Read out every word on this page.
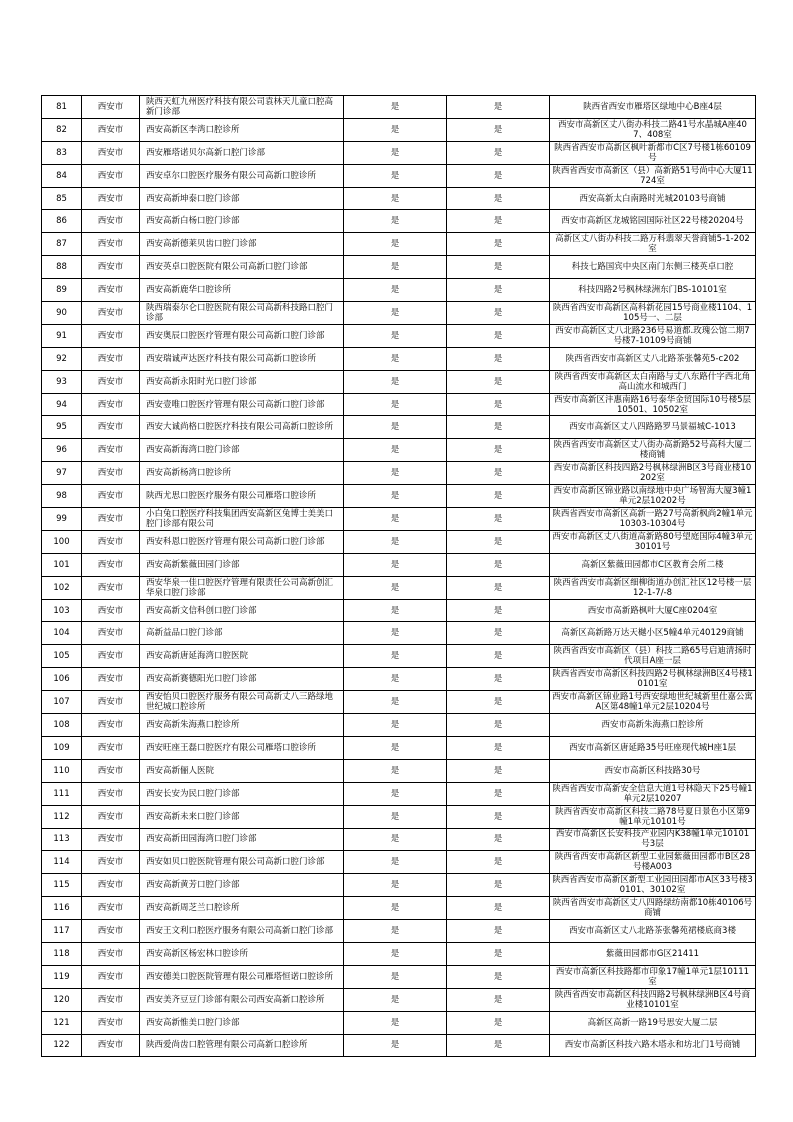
81	西安市	陕西天虹九州医疗科技有限公司袁林天儿童口腔高新门诊部	是	是	陕西省西安市雁塔区绿地中心B座4层
82	西安市	西安高新区李湾口腔诊所	是	是	西安市高新区丈八街办科技二路41号水晶城A座407、408室
83	西安市	西安雁塔诺贝尔高新口腔门诊部	是	是	陕西省西安市高新区枫叶新都市C区7号楼1栋60109号
84	西安市	西安卓尔口腔医疗服务有限公司高新口腔诊所	是	是	陕西省西安市高新区（县）高新路51号尚中心大厦11724室
85	西安市	西安高新坤泰口腔门诊部	是	是	西安高新太白南路时光城20103号商铺
86	西安市	西安高新白杨口腔门诊部	是	是	西安市高新区龙城铭园国际社区22号楼20204号
87	西安市	西安高新德莱贝齿口腔门诊部	是	是	高新区丈八街办科技二路万科翡翠天誉商铺5-1-202室
88	西安市	西安英卓口腔医院有限公司高新口腔门诊部	是	是	科技七路国宾中央区南门东侧三楼英卓口腔
89	西安市	西安高新鹿华口腔诊所	是	是	科技四路2号枫林绿洲东门BS-10101室
90	西安市	陕西瑞泰尔仑口腔医院有限公司高新科技路口腔门诊部	是	是	陕西省西安市高新区高科新花园15号商业楼1104、1105号一、二层
91	西安市	西安奥辰口腔医疗管理有限公司高新口腔门诊部	是	是	西安市高新区丈八北路236号易道都.玫瑰公馆二期7号楼7-10109号商铺
92	西安市	西安瑞诚声达医疗科技有限公司高新口腔诊所	是	是	陕西省西安市高新区丈八北路茶张馨苑5-c202
93	西安市	西安高新永阳时光口腔门诊部	是	是	陕西省西安市高新区太白南路与丈八东路什字西北角高山流水和城西门
94	西安市	西安壹唯口腔医疗管理有限公司高新口腔门诊部	是	是	西安市高新区沣惠南路16号泰华金贸国际10号楼5层10501、10502室
95	西安市	西安大诚尚格口腔医疗科技有限公司高新口腔诊所	是	是	西安市高新区丈八四路路罗马景福城C-1013
96	西安市	西安高新海湾口腔门诊部	是	是	陕西省西安市高新区丈八街办高新路52号高科大厦二楼商铺
97	西安市	西安高新杨湾口腔诊所	是	是	西安市高新区科技四路2号枫林绿洲B区3号商业楼10202室
98	西安市	陕西尤思口腔医疗服务有限公司雁塔口腔诊所	是	是	西安市高新区锦业路以南绿地中央广场智海大厦3幢1单元2层10202号
99	西安市	小白兔口腔医疗科技集团西安高新区兔博士美美口腔门诊部有限公司	是	是	陕西省西安市高新区高新一路27号高新枫尚2幢1单元10303-10304号
100	西安市	西安科恩口腔医疗管理有限公司高新口腔门诊部	是	是	西安市高新区丈八街道高新路80号望庭国际4幢3单元30101号
101	西安市	西安高新紫薇田园门诊部	是	是	高新区紫薇田园都市C区教育会所二楼
102	西安市	西安华泉一佳口腔医疗管理有限责任公司高新创汇华泉口腔门诊部	是	是	陕西省西安市高新区细柳街道办创汇社区12号楼一层12-1-7/-8
103	西安市	西安高新文信科创口腔门诊部	是	是	西安市高新路枫叶大厦C座0204室
104	西安市	高新益品口腔门诊部	是	是	高新区高新路万达天樾小区5幢4单元40129商铺
105	西安市	西安高新唐延海湾口腔医院	是	是	陕西省西安市高新区（县）科技二路65号启迪清扬时代项目A座一层
106	西安市	西安高新赛德阳光口腔门诊部	是	是	陕西省西安市高新区科技四路2号枫林绿洲B区4号楼10101室
107	西安市	西安怡贝口腔医疗服务有限公司高新丈八三路绿地世纪城口腔诊所	是	是	西安市高新区锦业路1号西安绿地世纪城新里仕嘉公寓A区第48幢1单元2层10204号
108	西安市	西安高新朱海燕口腔诊所	是	是	西安市高新朱海燕口腔诊所
109	西安市	西安旺座王磊口腔医疗有限公司雁塔口腔诊所	是	是	西安市高新区唐延路35号旺座现代城H座1层
110	西安市	西安高新俪人医院	是	是	西安市高新区科技路30号
111	西安市	西安长安为民口腔门诊部	是	是	陕西省西安市高新安全信息大道1号林隐天下25号幢1单元2层10207
112	西安市	西安高新未来口腔门诊部	是	是	陕西省西安市高新区科技二路78号夏日景色小区第9幢1单元10101号
113	西安市	西安高新田园海湾口腔门诊部	是	是	西安市高新区长安科技产业园内K38幢1单元10101号3层
114	西安市	西安如贝口腔医院管理有限公司高新口腔门诊部	是	是	陕西省西安市高新区新型工业园紫薇田园都市B区28号楼A003
115	西安市	西安高新黄芳口腔门诊部	是	是	陕西省西安市高新区新型工业园田园都市A区33号楼30101、30102室
116	西安市	西安高新周芝兰口腔诊所	是	是	陕西省西安市高新区丈八四路绿纺南都10栋40106号商铺
117	西安市	西安王文利口腔医疗服务有限公司高新口腔门诊部	是	是	西安市高新区丈八北路茶张馨苑裙楼底商3楼
118	西安市	西安高新区杨宏林口腔诊所	是	是	紫薇田园都市G区21411
119	西安市	西安德美口腔医院管理有限公司雁塔恒诺口腔诊所	是	是	西安市高新区科技路都市印象17幢1单元1层10111室
120	西安市	西安美齐豆豆门诊部有限公司西安高新口腔诊所	是	是	陕西省西安市高新区科技四路2号枫林绿洲B区4号商业楼10101室
121	西安市	西安高新惟美口腔门诊部	是	是	高新区高新一路19号思安大厦二层
122	西安市	陕西爱尚齿口腔管理有限公司高新口腔诊所	是	是	西安市高新区科技六路木塔永和坊北门1号商铺
